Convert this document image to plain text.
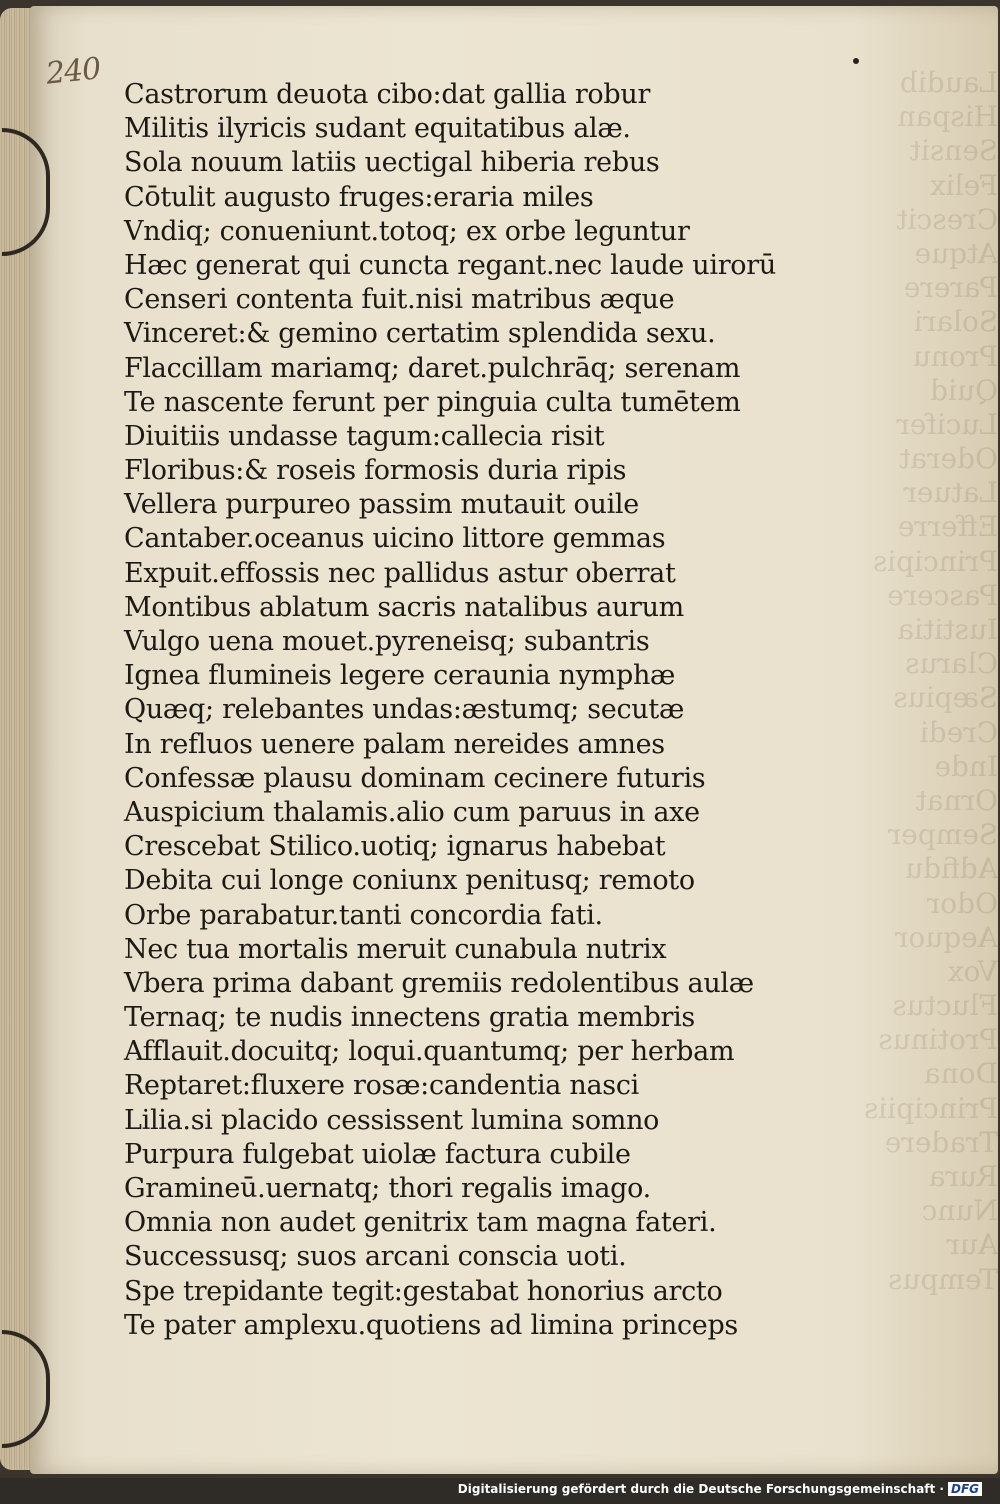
Laudib
Hispan
Sensit
Felix
Crescit
Atque
Parere
Solari
Pronu
Quid
Lucifer
Oderat
Latuer
Efferre
Principis
Pascere
Iustitia
Clarus
Sæpius
Credi
Inde
Ornat
Semper
Adfidu
Odor
Aequor
Vox
Fluctus
Protinus
Dona
Principiis
Tradere
Rura
Nunc
Aur
Tempus
240
Castrorum deuota cibo:dat gallia robur
Militis ilyricis sudant equitatibus alæ.
Sola nouum latiis uectigal hiberia rebus
Cōtulit augusto fruges:eraria miles
Vndiq; conueniunt.totoq; ex orbe leguntur
Hæc generat qui cuncta regant.nec laude uirorū
Censeri contenta fuit.nisi matribus æque
Vinceret:& gemino certatim splendida sexu.
Flaccillam mariamq; daret.pulchrāq; serenam
Te nascente ferunt per pinguia culta tumētem
Diuitiis undasse tagum:callecia risit
Floribus:& roseis formosis duria ripis
Vellera purpureo passim mutauit ouile
Cantaber.oceanus uicino littore gemmas
Expuit.effossis nec pallidus astur oberrat
Montibus ablatum sacris natalibus aurum
Vulgo uena mouet.pyreneisq; subantris
Ignea flumineis legere ceraunia nymphæ
Quæq; relebantes undas:æstumq; secutæ
In refluos uenere palam nereides amnes
Confessæ plausu dominam cecinere futuris
Auspicium thalamis.alio cum paruus in axe
Crescebat Stilico.uotiq; ignarus habebat
Debita cui longe coniunx penitusq; remoto
Orbe parabatur.tanti concordia fati.
Nec tua mortalis meruit cunabula nutrix
Vbera prima dabant gremiis redolentibus aulæ
Ternaq; te nudis innectens gratia membris
Afflauit.docuitq; loqui.quantumq; per herbam
Reptaret:fluxere rosæ:candentia nasci
Lilia.si placido cessissent lumina somno
Purpura fulgebat uiolæ factura cubile
Gramineū.uernatq; thori regalis imago.
Omnia non audet genitrix tam magna fateri.
Successusq; suos arcani conscia uoti.
Spe trepidante tegit:gestabat honorius arcto
Te pater amplexu.quotiens ad limina princeps
Digitalisierung gefördert durch die Deutsche Forschungsgemeinschaft · DFG
